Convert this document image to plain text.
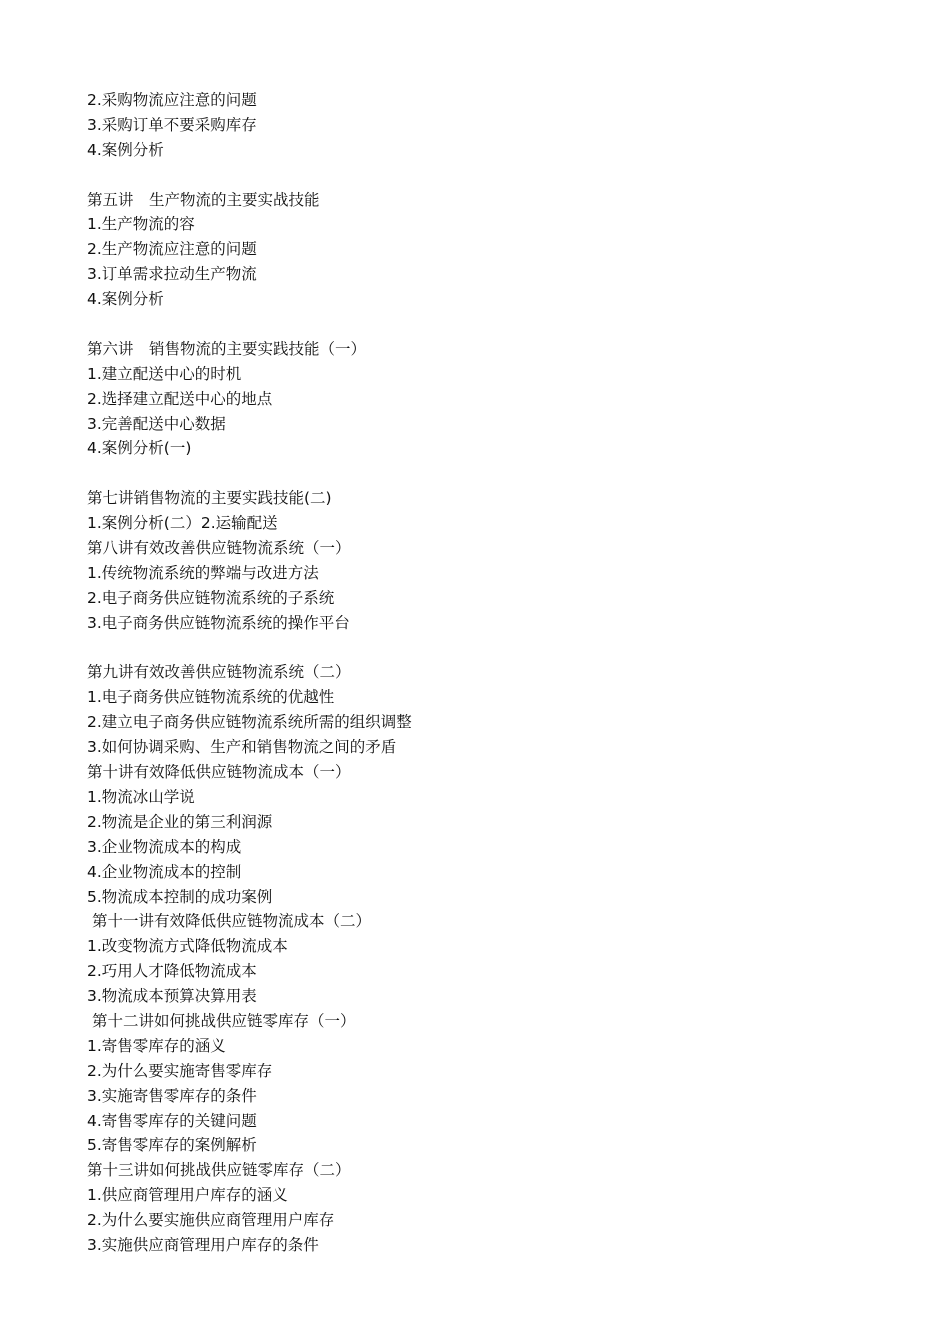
2.采购物流应注意的问题
3.采购订单不要采购库存
4.案例分析
第五讲　生产物流的主要实战技能
1.生产物流的容
2.生产物流应注意的问题
3.订单需求拉动生产物流
4.案例分析
第六讲　销售物流的主要实践技能（一）
1.建立配送中心的时机
2.选择建立配送中心的地点
3.完善配送中心数据
4.案例分析(一)
第七讲销售物流的主要实践技能(二)
1.案例分析(二）2.运输配送
第八讲有效改善供应链物流系统（一）
1.传统物流系统的弊端与改进方法
2.电子商务供应链物流系统的子系统
3.电子商务供应链物流系统的操作平台
第九讲有效改善供应链物流系统（二）
1.电子商务供应链物流系统的优越性
2.建立电子商务供应链物流系统所需的组织调整
3.如何协调采购、生产和销售物流之间的矛盾
第十讲有效降低供应链物流成本（一）
1.物流冰山学说
2.物流是企业的第三利润源
3.企业物流成本的构成
4.企业物流成本的控制
5.物流成本控制的成功案例
第十一讲有效降低供应链物流成本（二）
1.改变物流方式降低物流成本
2.巧用人才降低物流成本
3.物流成本预算决算用表
第十二讲如何挑战供应链零库存（一）
1.寄售零库存的涵义
2.为什么要实施寄售零库存
3.实施寄售零库存的条件
4.寄售零库存的关键问题
5.寄售零库存的案例解析
第十三讲如何挑战供应链零库存（二）
1.供应商管理用户库存的涵义
2.为什么要实施供应商管理用户库存
3.实施供应商管理用户库存的条件
